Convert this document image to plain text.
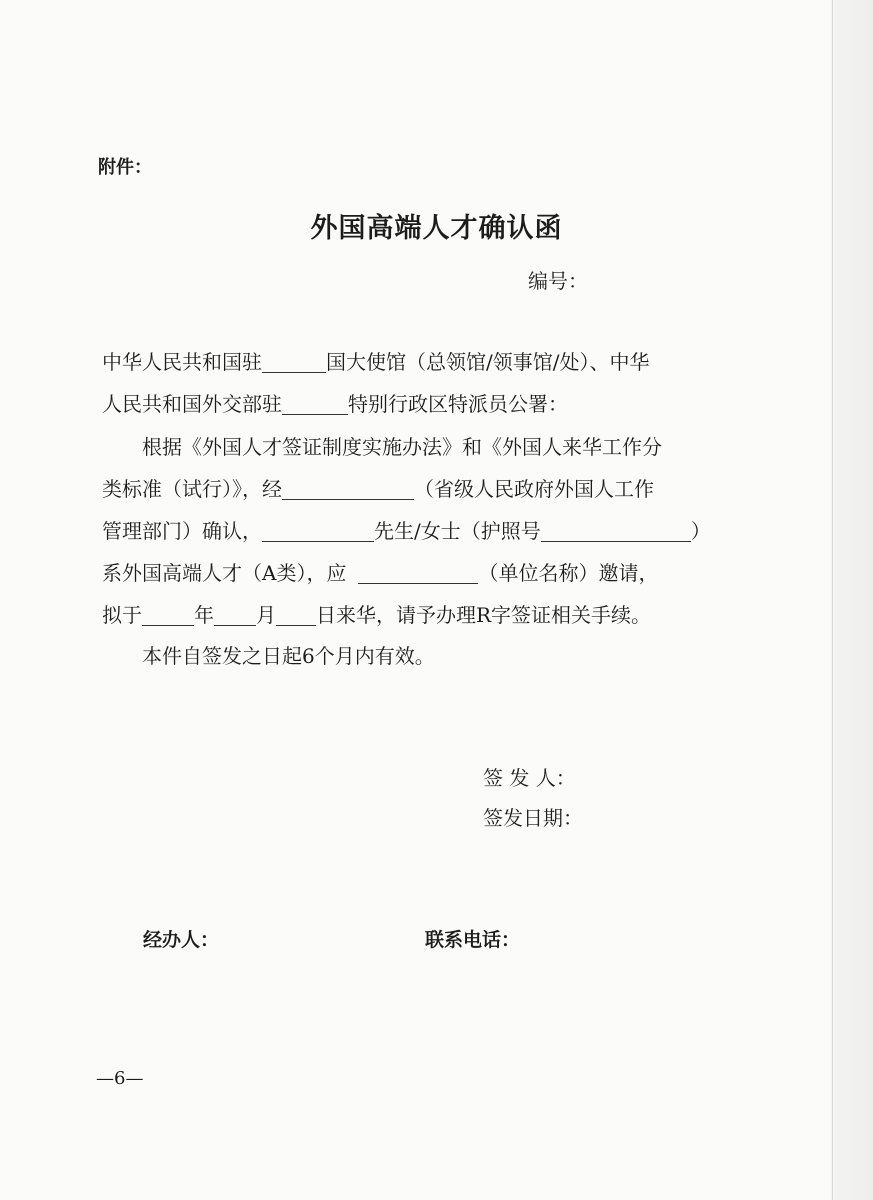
附件：
外国高端人才确认函
编号：
中华人民共和国驻	国大使馆（总领馆/领事馆/处）、中华
人民共和国外交部驻	特别行政区特派员公署：
根据《外国人才签证制度实施办法》和《外国人来华工作分
类标准（试行）》，经	（省级人民政府外国人工作
管理部门）确认，	先生/女士（护照号	）
系外国高端人才（A类），应	（单位名称）邀请，
拟于	年 月 日来华，请予办理R字签证相关手续。
本件自签发之日起6个月内有效。
签 发 人：
签发日期：
经办人：	联系电话：
—6—
